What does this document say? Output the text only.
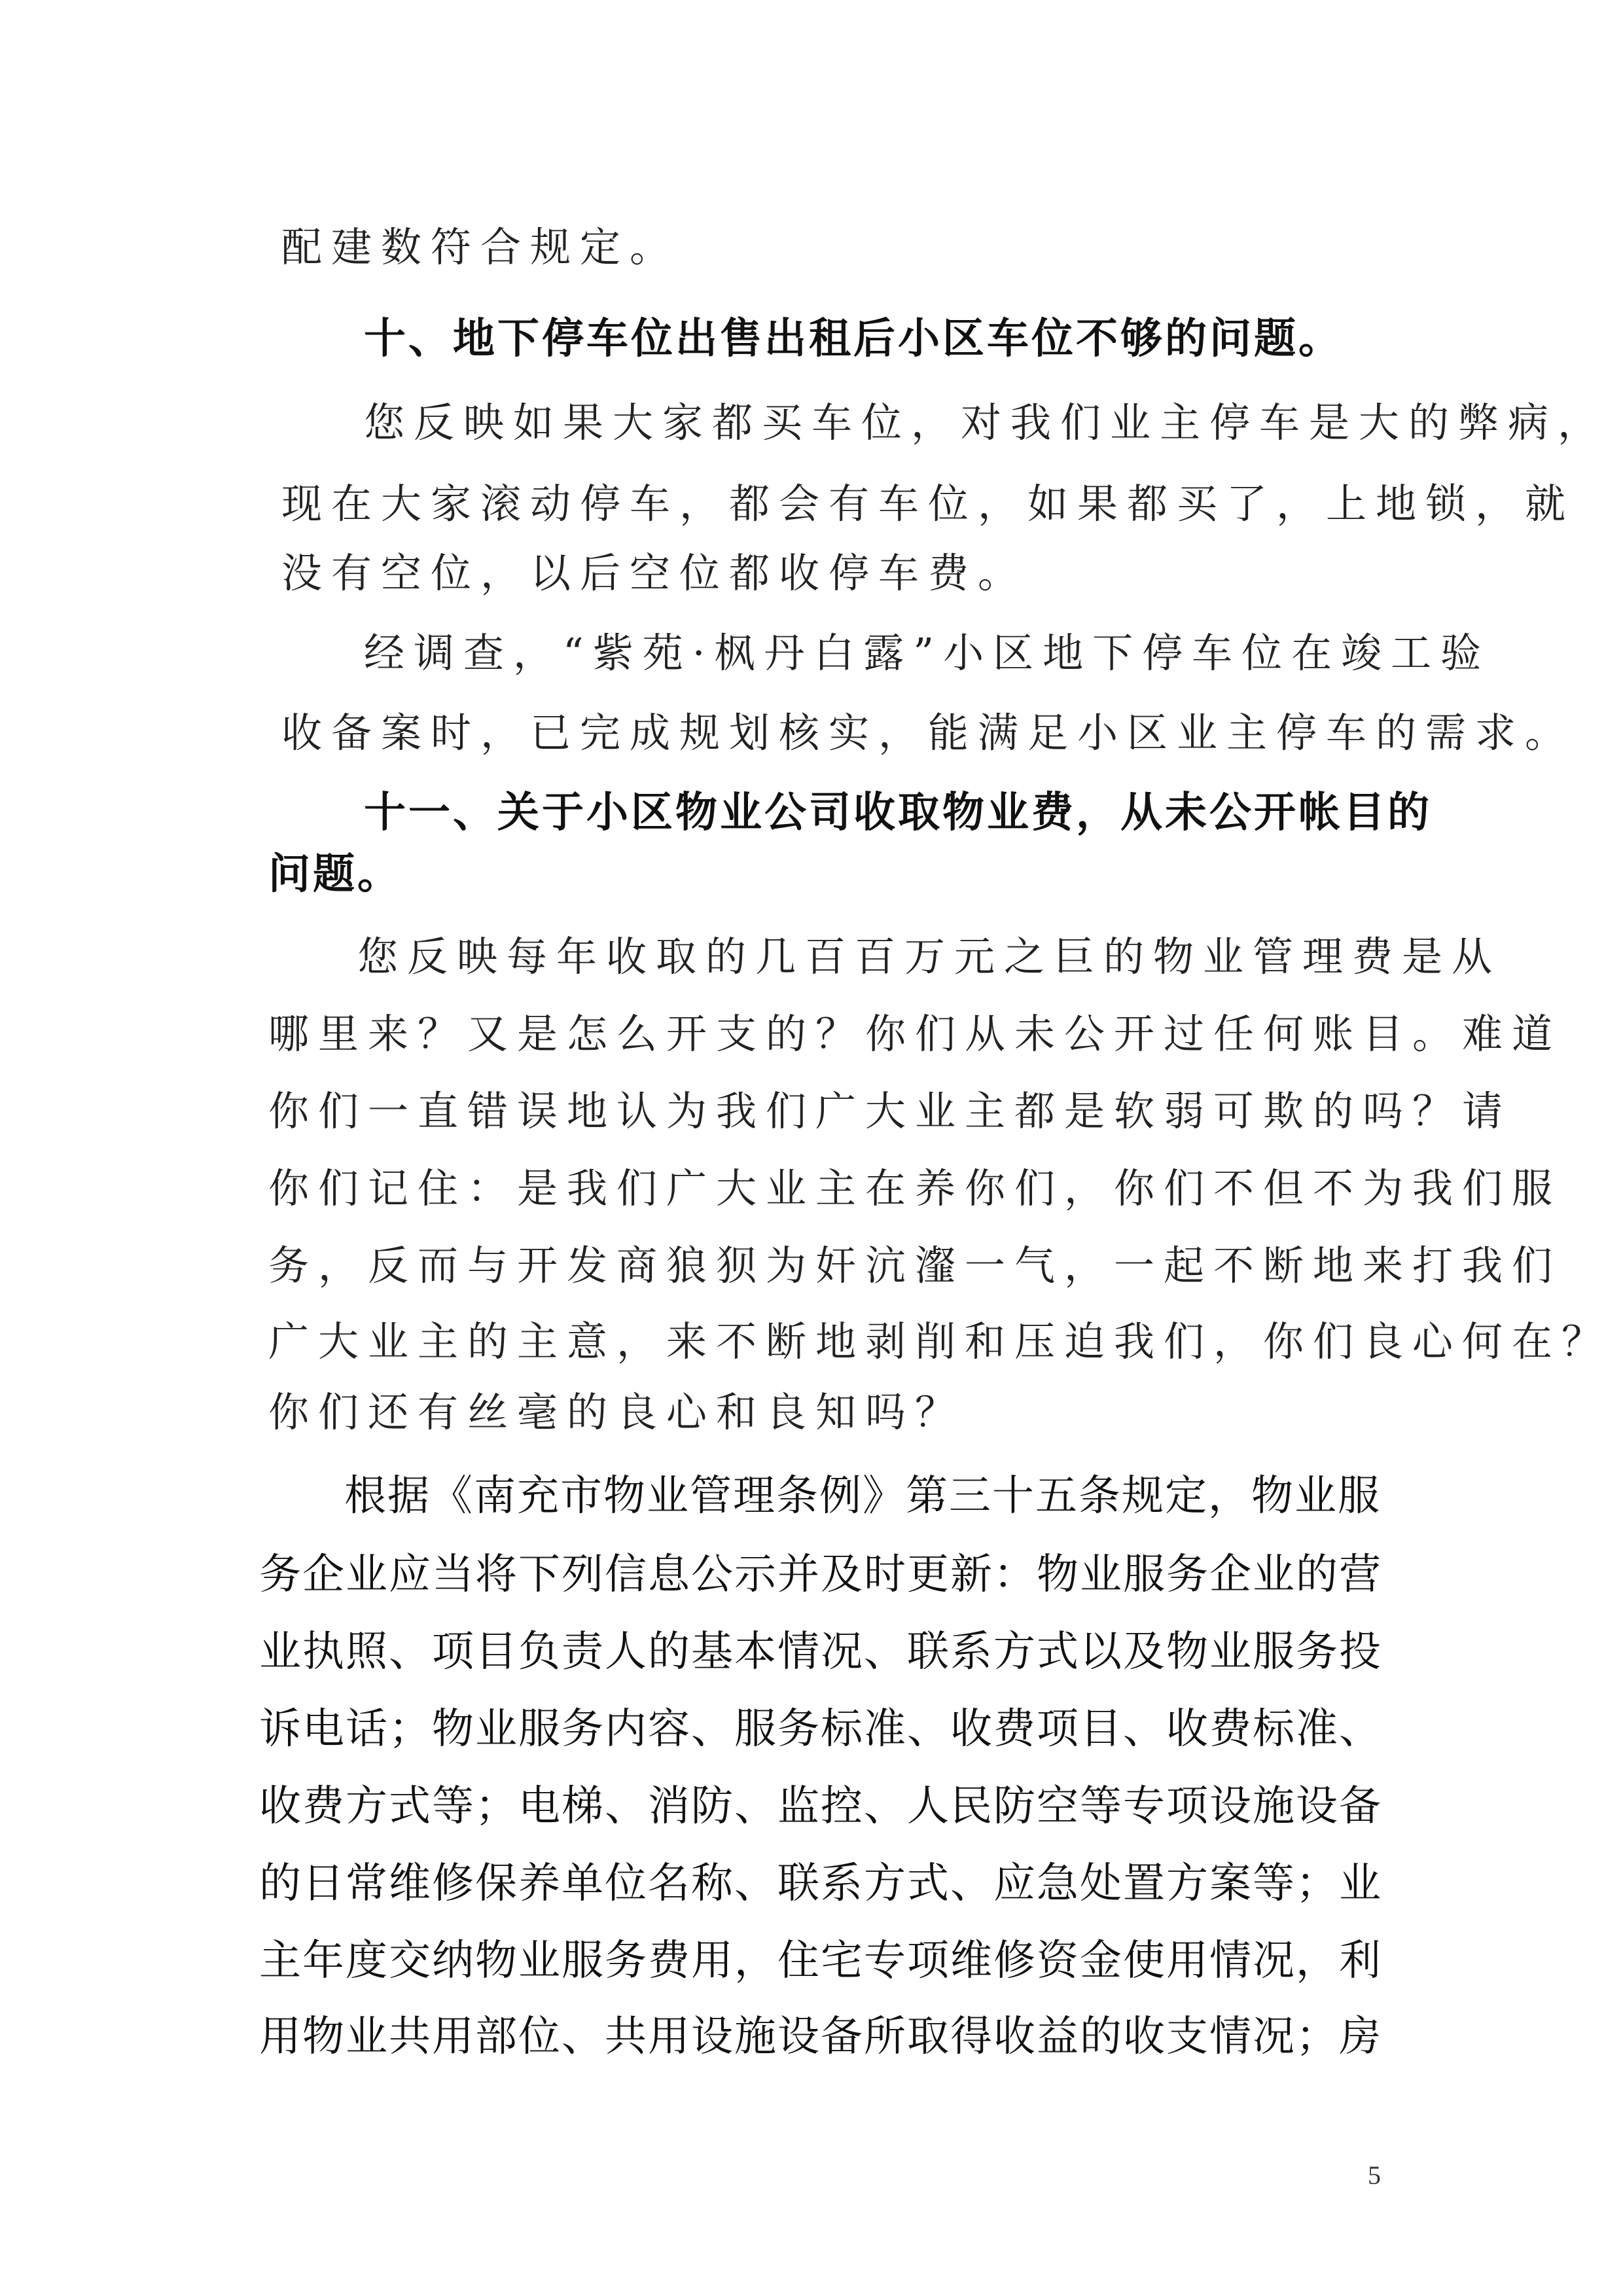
配建数符合规定。
十、地下停车位出售出租后小区车位不够的问题。
您反映如果大家都买车位，对我们业主停车是大的弊病，
现在大家滚动停车，都会有车位，如果都买了，上地锁，就
没有空位，以后空位都收停车费。
经调查，“紫苑·枫丹白露”小区地下停车位在竣工验
收备案时，已完成规划核实，能满足小区业主停车的需求。
十一、关于小区物业公司收取物业费，从未公开帐目的
问题。
您反映每年收取的几百百万元之巨的物业管理费是从
哪里来？又是怎么开支的？你们从未公开过任何账目。难道
你们一直错误地认为我们广大业主都是软弱可欺的吗？请
你们记住：是我们广大业主在养你们，你们不但不为我们服
务，反而与开发商狼狈为奸沆瀣一气，一起不断地来打我们
广大业主的主意，来不断地剥削和压迫我们，你们良心何在？
你们还有丝毫的良心和良知吗？
根据《南充市物业管理条例》第三十五条规定，物业服
务企业应当将下列信息公示并及时更新：物业服务企业的营
业执照、项目负责人的基本情况、联系方式以及物业服务投
诉电话；物业服务内容、服务标准、收费项目、收费标准、
收费方式等；电梯、消防、监控、人民防空等专项设施设备
的日常维修保养单位名称、联系方式、应急处置方案等；业
主年度交纳物业服务费用，住宅专项维修资金使用情况，利
用物业共用部位、共用设施设备所取得收益的收支情况；房
5
